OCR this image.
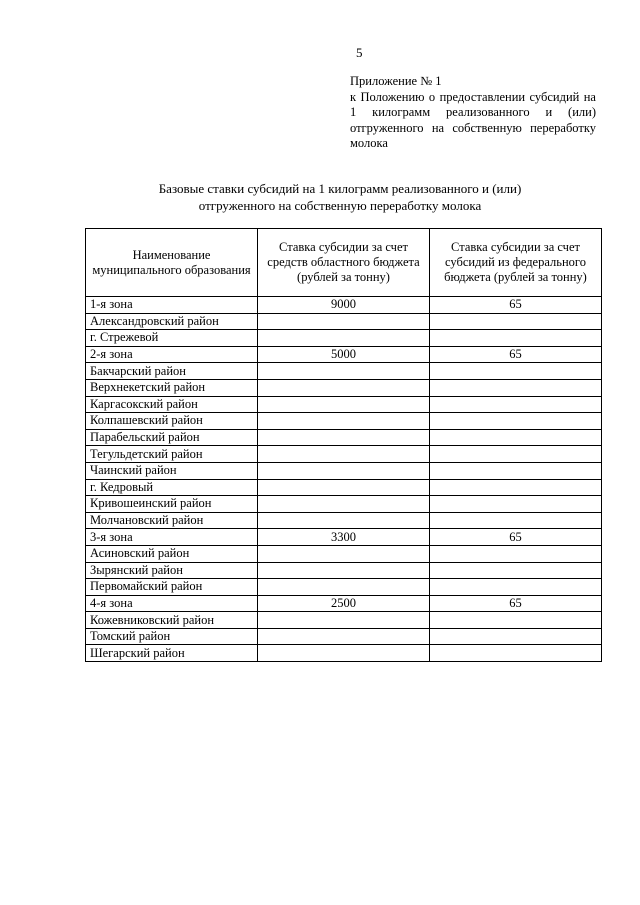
5
Приложение № 1
к Положению о предоставлении субсидий на 1 килограмм реализованного и (или) отгруженного на собственную переработку молока
Базовые ставки субсидий на 1 килограмм реализованного и (или)
отгруженного на собственную переработку молока
Наименование муниципального образования	Ставка субсидии за счет средств областного бюджета (рублей за тонну)	Ставка субсидии за счет субсидий из федерального бюджета (рублей за тонну)
1-я зона	9000	65
Александровский район		
г. Стрежевой		
2-я зона	5000	65
Бакчарский район		
Верхнекетский район		
Каргасокский район		
Колпашевский район		
Парабельский район		
Тегульдетский район		
Чаинский район		
г. Кедровый		
Кривошеинский район		
Молчановский район		
3-я зона	3300	65
Асиновский район		
Зырянский район		
Первомайский район		
4-я зона	2500	65
Кожевниковский район		
Томский район		
Шегарский район		
